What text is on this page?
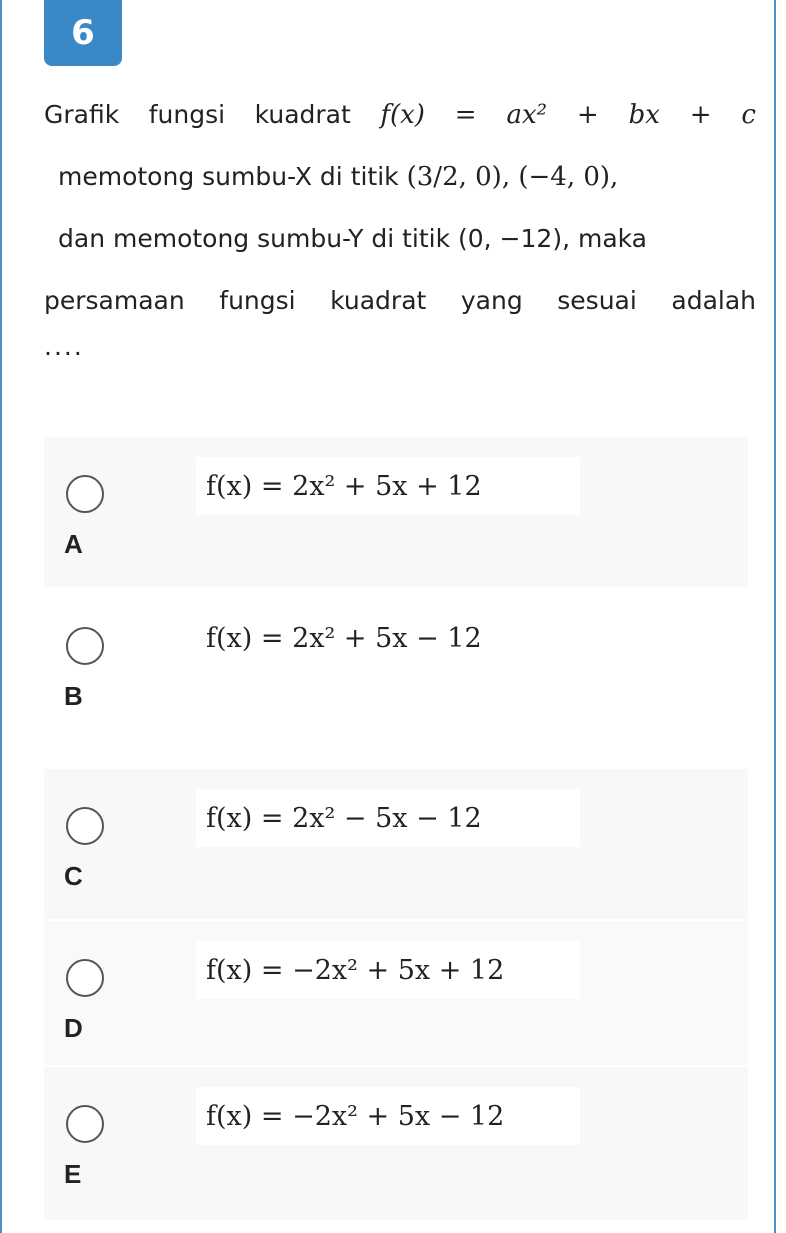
6
Grafik fungsi kuadrat f(x) = ax² + bx + c
memotong sumbu-X di titik (3/2, 0), (−4, 0),
dan memotong sumbu-Y di titik (0, −12), maka
persamaan fungsi kuadrat yang sesuai adalah
....
f(x) = 2x² + 5x + 12
A
f(x) = 2x² + 5x − 12
B
f(x) = 2x² − 5x − 12
C
f(x) = −2x² + 5x + 12
D
f(x) = −2x² + 5x − 12
E
